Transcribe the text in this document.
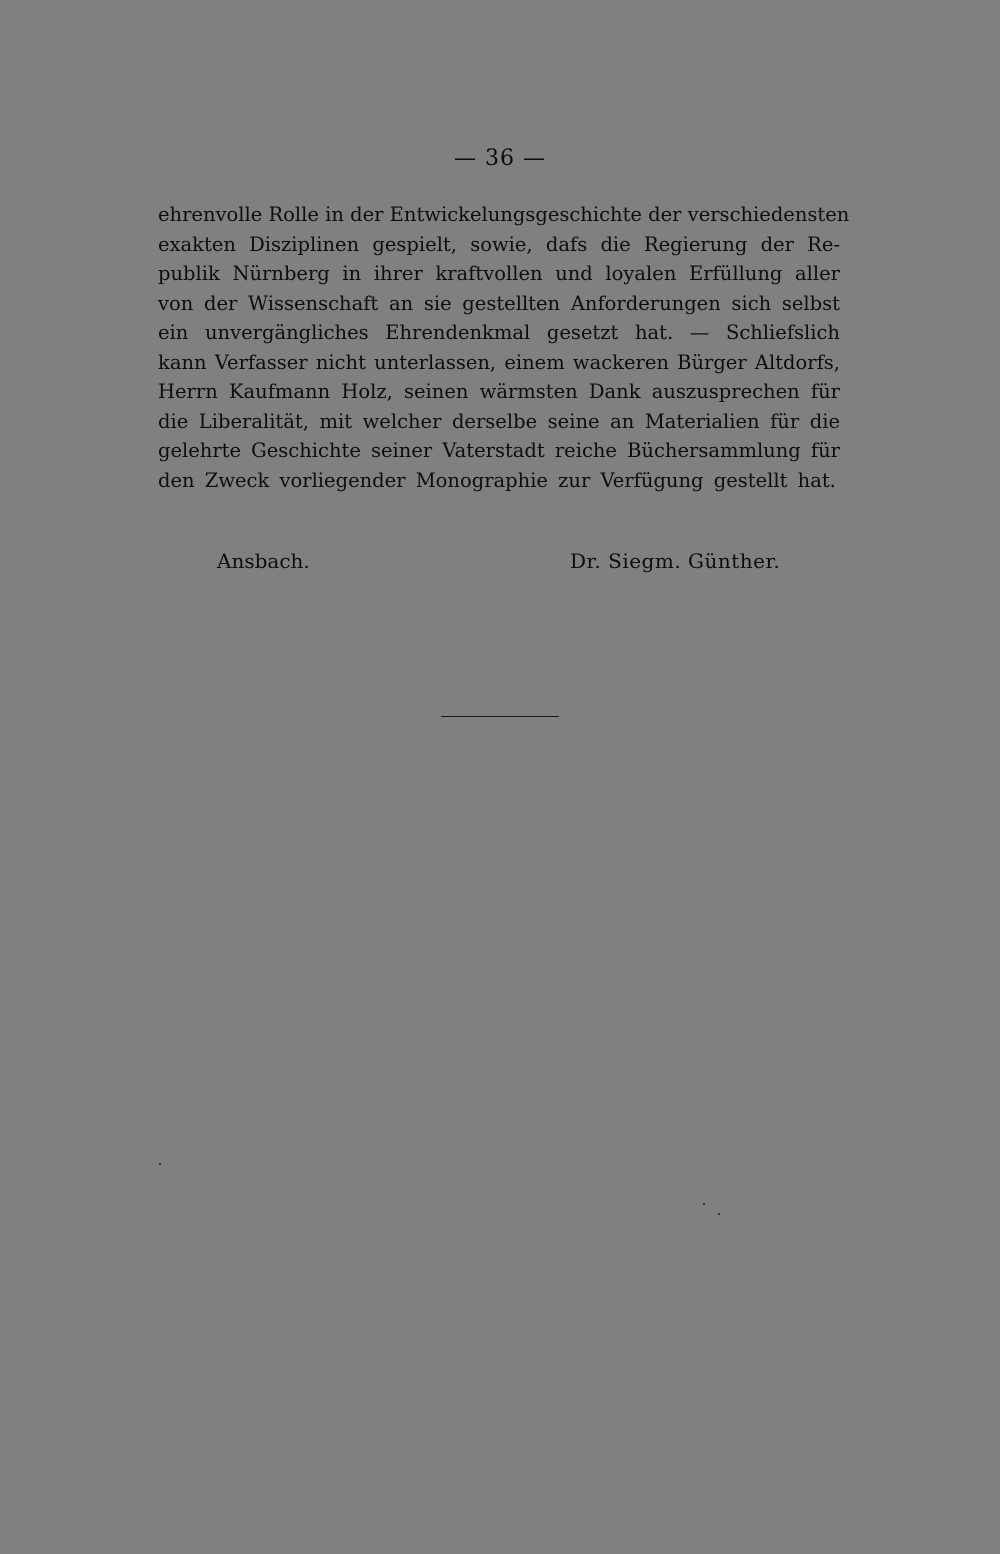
— 36 —
ehrenvolle Rolle in der Entwickelungsgeschichte der verschiedensten
exakten Disziplinen gespielt, sowie, dafs die Regierung der Re-
publik Nürnberg in ihrer kraftvollen und loyalen Erfüllung aller
von der Wissenschaft an sie gestellten Anforderungen sich selbst
ein unvergängliches Ehrendenkmal gesetzt hat. — Schliefslich
kann Verfasser nicht unterlassen, einem wackeren Bürger Altdorfs,
Herrn Kaufmann Holz, seinen wärmsten Dank auszusprechen für
die Liberalität, mit welcher derselbe seine an Materialien für die
gelehrte Geschichte seiner Vaterstadt reiche Büchersammlung für
den Zweck vorliegender Monographie zur Verfügung gestellt hat.
Ansbach.	Dr. Siegm. Günther.
